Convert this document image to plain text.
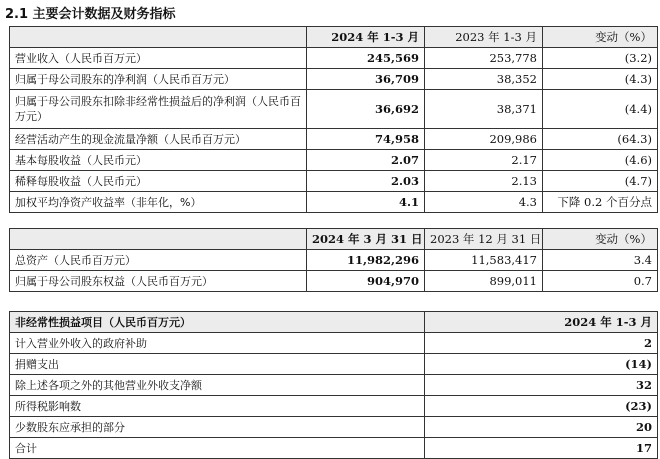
2.1 主要会计数据及财务指标
	2024 年 1-3 月	2023 年 1-3 月	变动（%）
营业收入（人民币百万元）	245,569	253,778	(3.2)
归属于母公司股东的净利润（人民币百万元）	36,709	38,352	(4.3)
归属于母公司股东扣除非经常性损益后的净利润（人民币百万元）	36,692	38,371	(4.4)
经营活动产生的现金流量净额（人民币百万元）	74,958	209,986	(64.3)
基本每股收益（人民币元）	2.07	2.17	(4.6)
稀释每股收益（人民币元）	2.03	2.13	(4.7)
加权平均净资产收益率（非年化，%）	4.1	4.3	下降 0.2 个百分点
	2024 年 3 月 31 日	2023 年 12 月 31 日	变动（%）
总资产（人民币百万元）	11,982,296	11,583,417	3.4
归属于母公司股东权益（人民币百万元）	904,970	899,011	0.7
非经常性损益项目（人民币百万元）	2024 年 1-3 月
计入营业外收入的政府补助	2
捐赠支出	(14)
除上述各项之外的其他营业外收支净额	32
所得税影响数	(23)
少数股东应承担的部分	20
合计	17
